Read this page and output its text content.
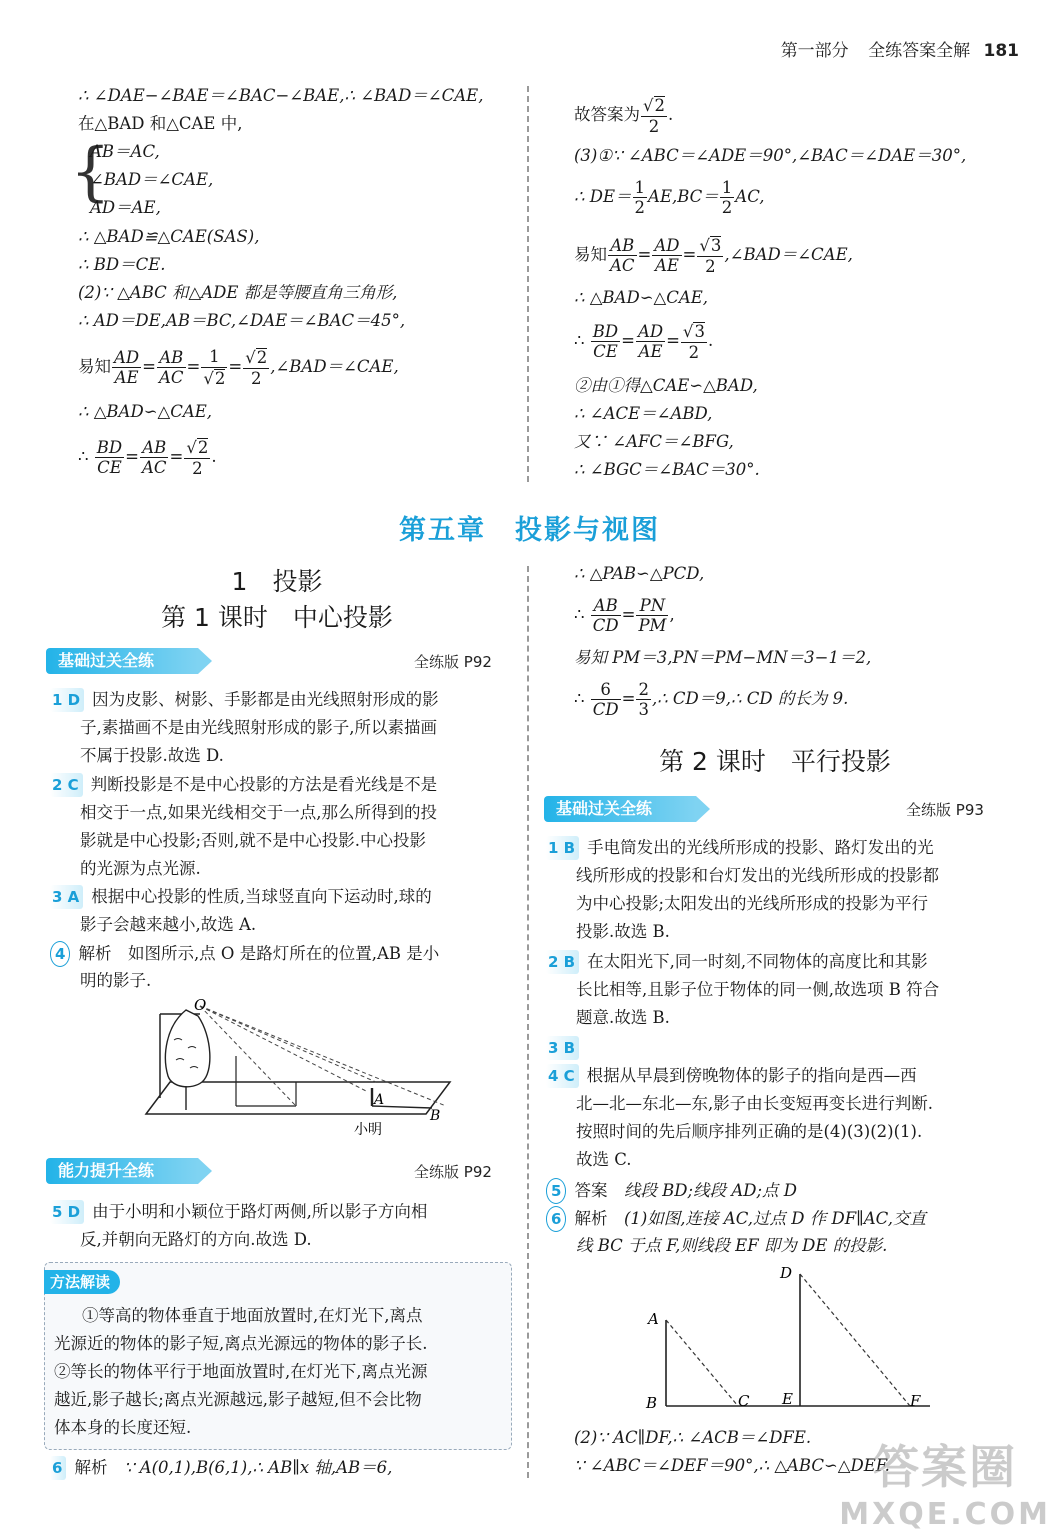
第一部分 全练答案全解 181
∴ ∠DAE−∠BAE＝∠BAC−∠BAE,∴ ∠BAD＝∠CAE,
在△BAD 和△CAE 中,
{
AB＝AC,
∠BAD＝∠CAE,
AD＝AE,
∴ △BAD≌△CAE(SAS),
∴ BD＝CE.
(2)∵ △ABC 和△ADE 都是等腰直角三角形,
∴ AD＝DE,AB＝BC,∠DAE＝∠BAC＝45°,
易知 $\frac{AD}{AE} = \frac{AB}{AC} = \frac{1}{√2} = \frac{√2}{2}$ ,∠BAD＝∠CAE,
∴ △BAD∽△CAE,
∴ $\frac{BD}{CE} = \frac{AB}{AC} = \frac{√2}{2}$ .
故答案为 $\frac{√2}{2}$ .
(3)①∵ ∠ABC＝∠ADE＝90°,∠BAC＝∠DAE＝30°,
∴ $DE= \frac{1}{2} AE,BC= \frac{1}{2}$ AC,
易知 $\frac{AB}{AC} = \frac{AD}{AE} = \frac{√3}{2}$ ,∠BAD＝∠CAE,
∴ △BAD∽△CAE,
∴ $\frac{BD}{CE} = \frac{AD}{AE} = \frac{√3}{2}$ .
②由①得△CAE∽△BAD,
∴ ∠ACE＝∠ABD,
又∵ ∠AFC＝∠BFG,
∴ ∠BGC＝∠BAC＝30°.
第五章　投影与视图
1　投影
第 1 课时　中心投影
基础过关全练	全练版 P92
1 D 因为皮影、树影、手影都是由光线照射形成的影
子,素描画不是由光线照射形成的影子,所以素描画
不属于投影.故选 D.
2 C 判断投影是不是中心投影的方法是看光线是不是
相交于一点,如果光线相交于一点,那么所得到的投
影就是中心投影;否则,就不是中心投影.中心投影
的光源为点光源.
3 A 根据中心投影的性质,当球竖直向下运动时,球的
影子会越来越小,故选 A.
4 解析　 如图所示,点 O 是路灯所在的位置,AB 是小
明的影子.
O
A
B
小明
能力提升全练	全练版 P92
5 D 由于小明和小颖位于路灯两侧,所以影子方向相
反,并朝向无路灯的方向.故选 D.
方法解读
①等高的物体垂直于地面放置时,在灯光下,离点
光源近的物体的影子短,离点光源远的物体的影子长.
②等长的物体平行于地面放置时,在灯光下,离点光源
越近,影子越长;离点光源越远,影子越短,但不会比物
体本身的长度还短.
6 解析　 ∵ A(0,1),B(6,1),∴ AB∥x 轴,AB＝6,
∴ △PAB∽△PCD,
∴ $\frac{AB}{CD} = \frac{PN}{PM}$ ,
易知 PM＝3,PN＝PM−MN＝3−1＝2,
∴ $\frac{6}{CD} = \frac{2}{3}$ ,∴ CD＝9,∴ CD 的长为 9.
第 2 课时　平行投影
基础过关全练	全练版 P93
1 B 手电筒发出的光线所形成的投影、路灯发出的光
线所形成的投影和台灯发出的光线所形成的投影都
为中心投影;太阳发出的光线所形成的投影为平行
投影.故选 B.
2 B 在太阳光下,同一时刻,不同物体的高度比和其影
长比相等,且影子位于物体的同一侧,故选项 B 符合
题意.故选 B.
3 B
4 C 根据从早晨到傍晚物体的影子的指向是西—西
北—北—东北—东,影子由长变短再变长进行判断.
按照时间的先后顺序排列正确的是(4)(3)(2)(1).
故选 C.
5 答案　 线段 BD;线段 AD;点 D
6 解析　 (1)如图,连接 AC,过点 D 作 DF∥AC,交直
线 BC 于点 F,则线段 EF 即为 DE 的投影.
A
B	C
D
E	F
(2)∵ AC∥DF,∴ ∠ACB＝∠DFE.
∵ ∠ABC＝∠DEF＝90°,∴ △ABC∽△DEF.
答案圈
MXQE.COM
